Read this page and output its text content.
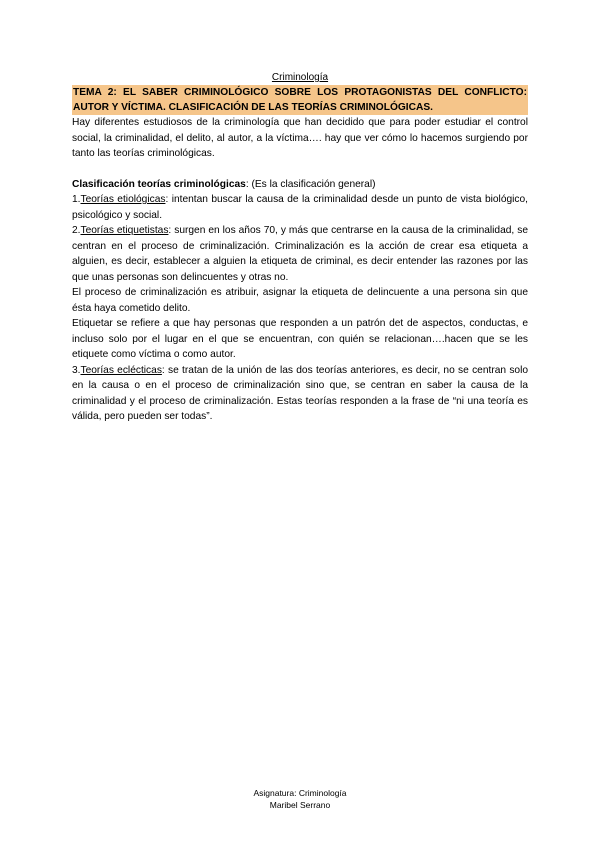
Criminología

TEMA 2: EL SABER CRIMINOLÓGICO SOBRE LOS PROTAGONISTAS DEL CONFLICTO: AUTOR Y VÍCTIMA. CLASIFICACIÓN DE LAS TEORÍAS CRIMINOLÓGICAS.

Hay diferentes estudiosos de la criminología que han decidido que para poder estudiar el control social, la criminalidad, el delito, al autor, a la víctima…. hay que ver cómo lo hacemos surgiendo por tanto las teorías criminológicas.

Clasificación teorías criminológicas: (Es la clasificación general)

1.Teorías etiológicas: intentan buscar la causa de la criminalidad desde un punto de vista biológico, psicológico y social.

2.Teorías etiquetistas: surgen en los años 70, y más que centrarse en la causa de la criminalidad, se centran en el proceso de criminalización. Criminalización es la acción de crear esa etiqueta a alguien, es decir, establecer a alguien la etiqueta de criminal, es decir entender las razones por las que unas personas son delincuentes y otras no.

El proceso de criminalización es atribuir, asignar la etiqueta de delincuente a una persona sin que ésta haya cometido delito.

Etiquetar se refiere a que hay personas que responden a un patrón det de aspectos, conductas, e incluso solo por el lugar en el que se encuentran, con quién se relacionan….hacen que se les etiquete como víctima o como autor.

3.Teorías eclécticas: se tratan de la unión de las dos teorías anteriores, es decir, no se centran solo en la causa o en el proceso de criminalización sino que, se centran en saber la causa de la criminalidad y el proceso de criminalización. Estas teorías responden a la frase de “ni una teoría es válida, pero pueden ser todas”.

Asignatura: Criminología
Maribel Serrano
